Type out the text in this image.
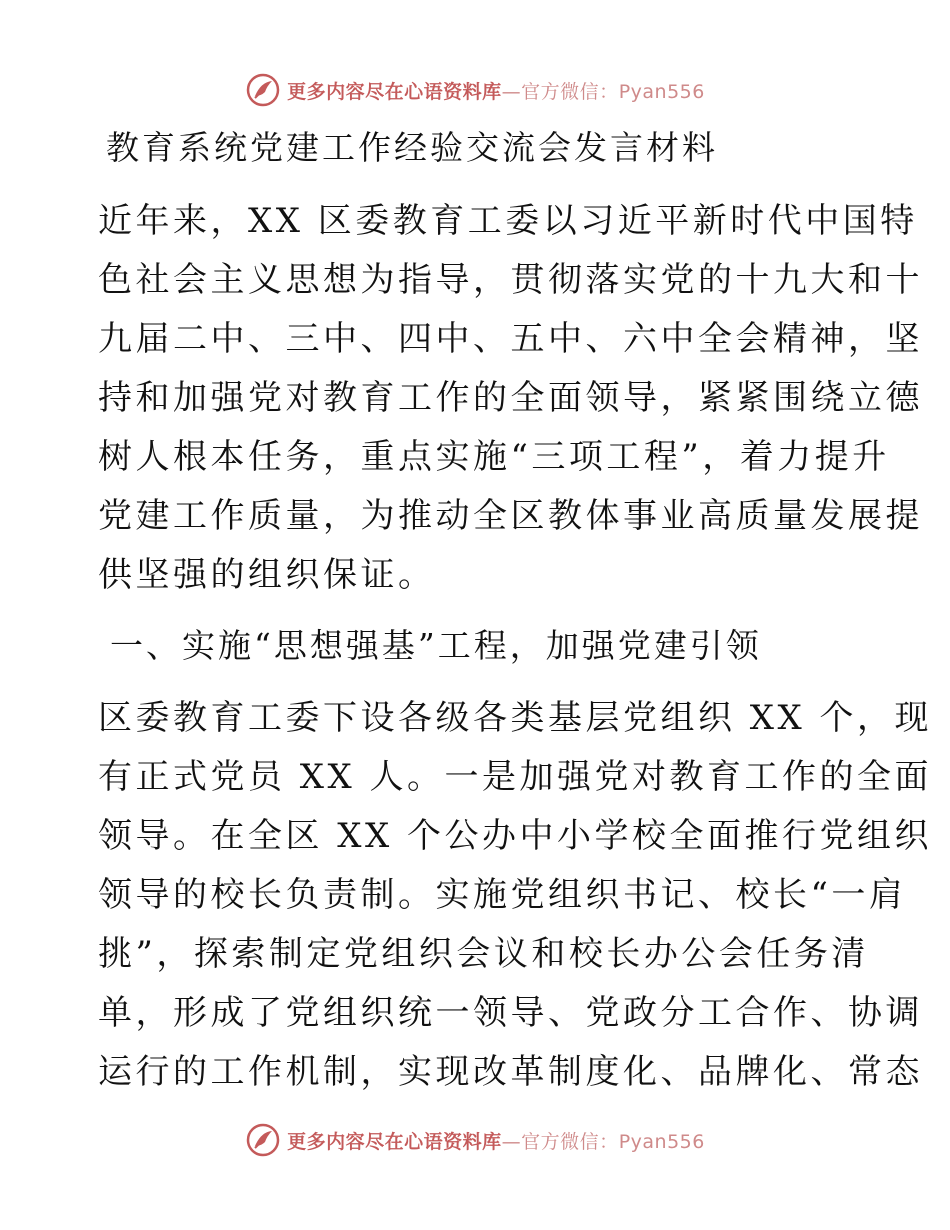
更多内容尽在心语资料库—官方微信：Pyan556
教育系统党建工作经验交流会发言材料
近年来，XX 区委教育工委以习近平新时代中国特
色社会主义思想为指导，贯彻落实党的十九大和十
九届二中、三中、四中、五中、六中全会精神，坚
持和加强党对教育工作的全面领导，紧紧围绕立德
树人根本任务，重点实施“三项工程”，着力提升
党建工作质量，为推动全区教体事业高质量发展提
供坚强的组织保证。
一、实施“思想强基”工程，加强党建引领
区委教育工委下设各级各类基层党组织 XX 个，现
有正式党员 XX 人。一是加强党对教育工作的全面
领导。在全区 XX 个公办中小学校全面推行党组织
领导的校长负责制。实施党组织书记、校长“一肩
挑”，探索制定党组织会议和校长办公会任务清
单，形成了党组织统一领导、党政分工合作、协调
运行的工作机制，实现改革制度化、品牌化、常态
更多内容尽在心语资料库—官方微信：Pyan556
